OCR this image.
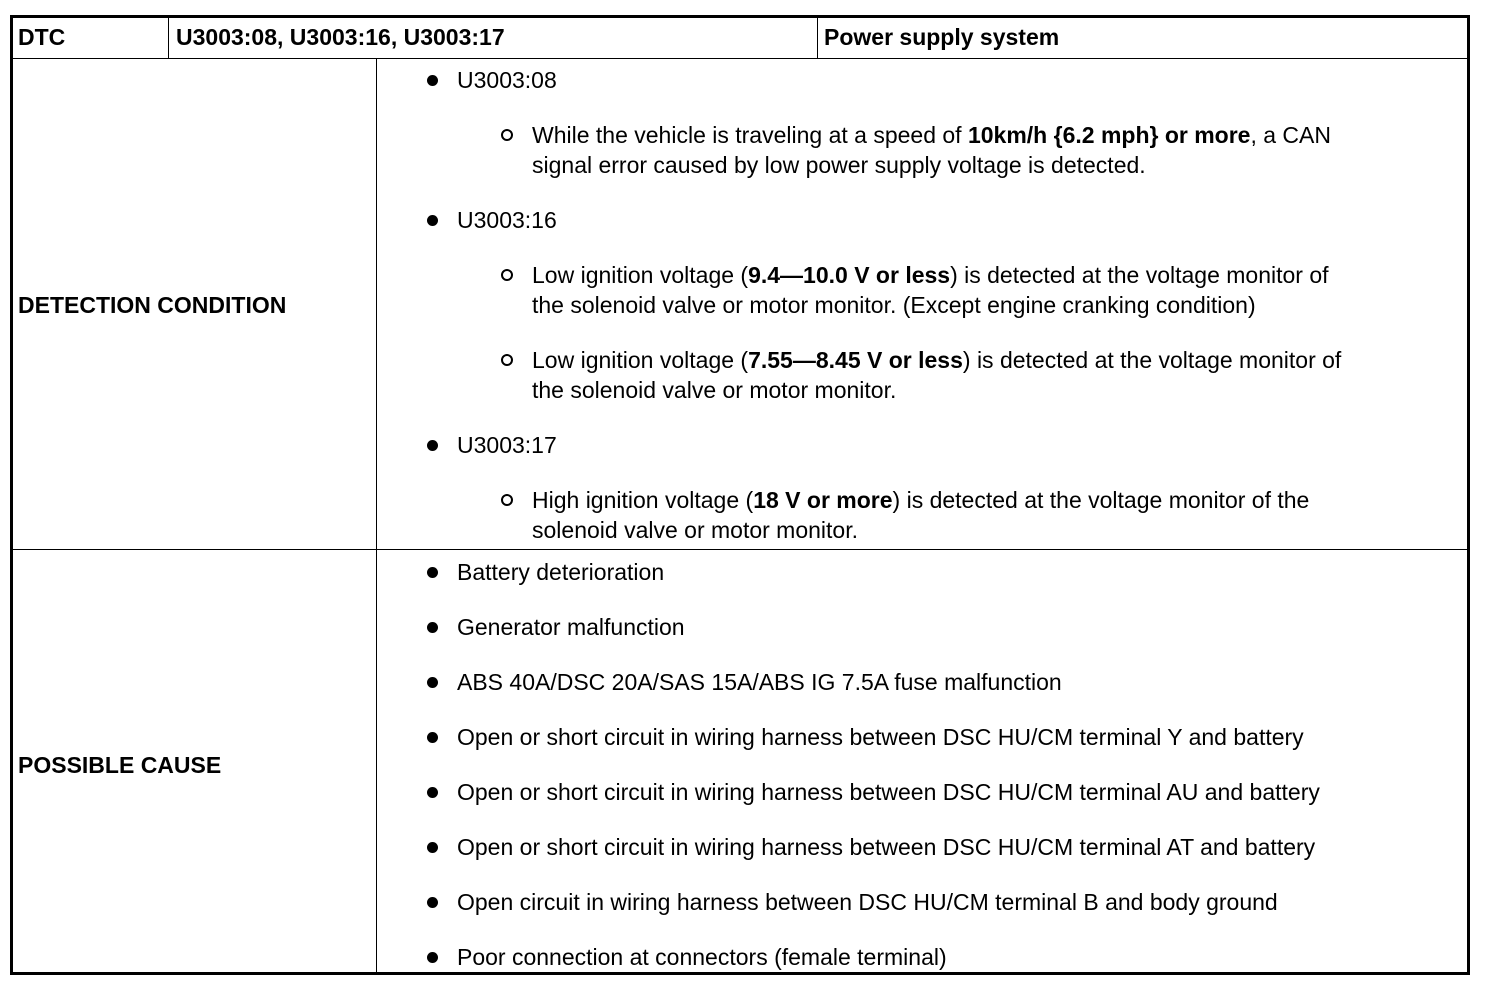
DTC	U3003:08, U3003:16, U3003:17	Power supply system
DETECTION CONDITION
U3003:08
While the vehicle is traveling at a speed of 10km/h {6.2 mph} or more, a CAN
signal error caused by low power supply voltage is detected.
U3003:16
Low ignition voltage (9.4—10.0 V or less) is detected at the voltage monitor of
the solenoid valve or motor monitor. (Except engine cranking condition)
Low ignition voltage (7.55—8.45 V or less) is detected at the voltage monitor of
the solenoid valve or motor monitor.
U3003:17
High ignition voltage (18 V or more) is detected at the voltage monitor of the
solenoid valve or motor monitor.
POSSIBLE CAUSE
Battery deterioration
Generator malfunction
ABS 40A/DSC 20A/SAS 15A/ABS IG 7.5A fuse malfunction
Open or short circuit in wiring harness between DSC HU/CM terminal Y and battery
Open or short circuit in wiring harness between DSC HU/CM terminal AU and battery
Open or short circuit in wiring harness between DSC HU/CM terminal AT and battery
Open circuit in wiring harness between DSC HU/CM terminal B and body ground
Poor connection at connectors (female terminal)
